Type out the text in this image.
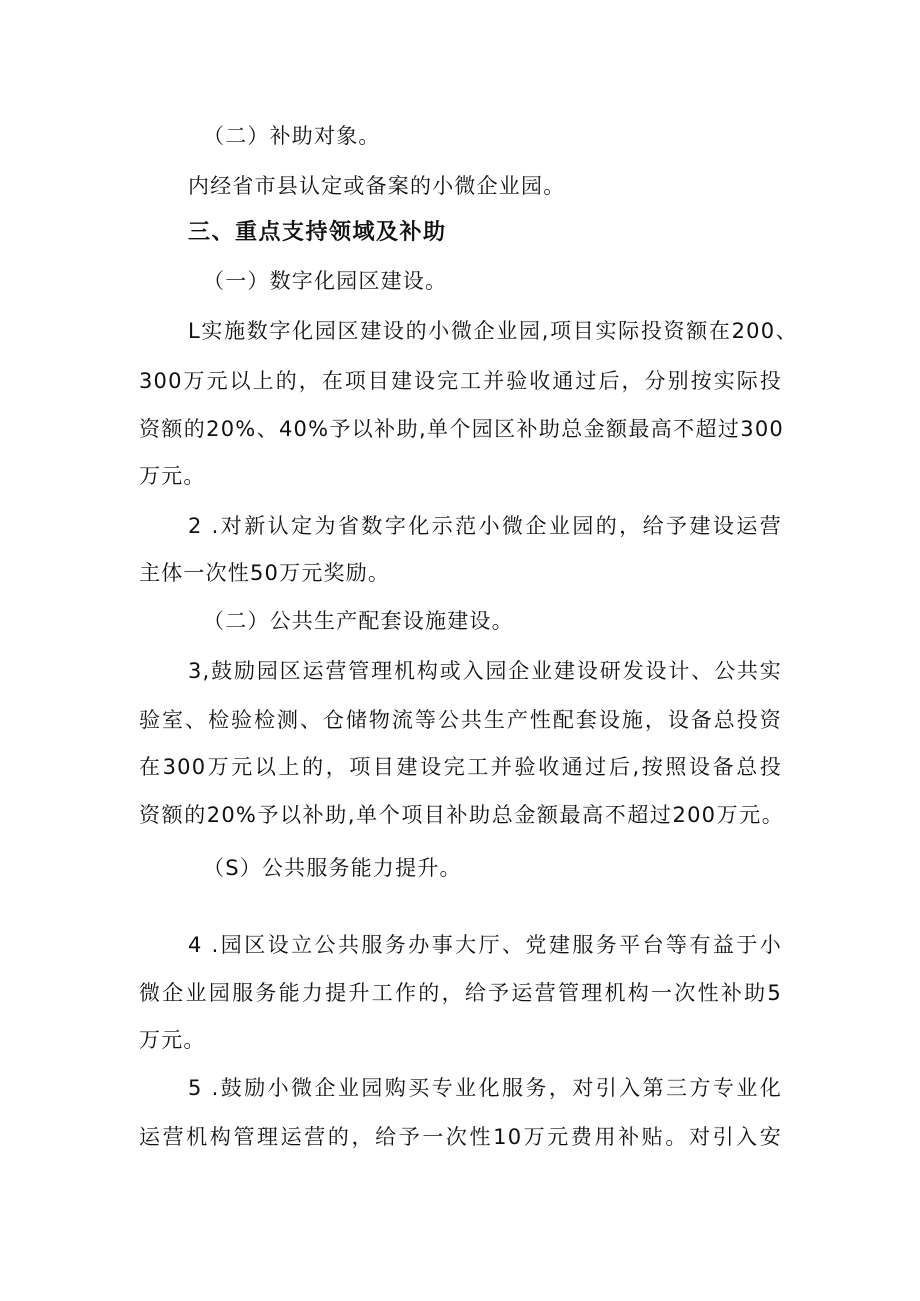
（二）补助对象。
内经省市县认定或备案的小微企业园。
三、重点支持领域及补助
（一）数字化园区建设。
L实施数字化园区建设的小微企业园,项目实际投资额在200、
300万元以上的，在项目建设完工并验收通过后，分别按实际投
资额的20%、40%予以补助,单个园区补助总金额最高不超过300
万元。
2 .对新认定为省数字化示范小微企业园的，给予建设运营
主体一次性50万元奖励。
（二）公共生产配套设施建设。
3,鼓励园区运营管理机构或入园企业建设研发设计、公共实
验室、检验检测、仓储物流等公共生产性配套设施，设备总投资
在300万元以上的，项目建设完工并验收通过后,按照设备总投
资额的20%予以补助,单个项目补助总金额最高不超过200万元。
（S）公共服务能力提升。
4 .园区设立公共服务办事大厅、党建服务平台等有益于小
微企业园服务能力提升工作的，给予运营管理机构一次性补助5
万元。
5 .鼓励小微企业园购买专业化服务，对引入第三方专业化
运营机构管理运营的，给予一次性10万元费用补贴。对引入安
